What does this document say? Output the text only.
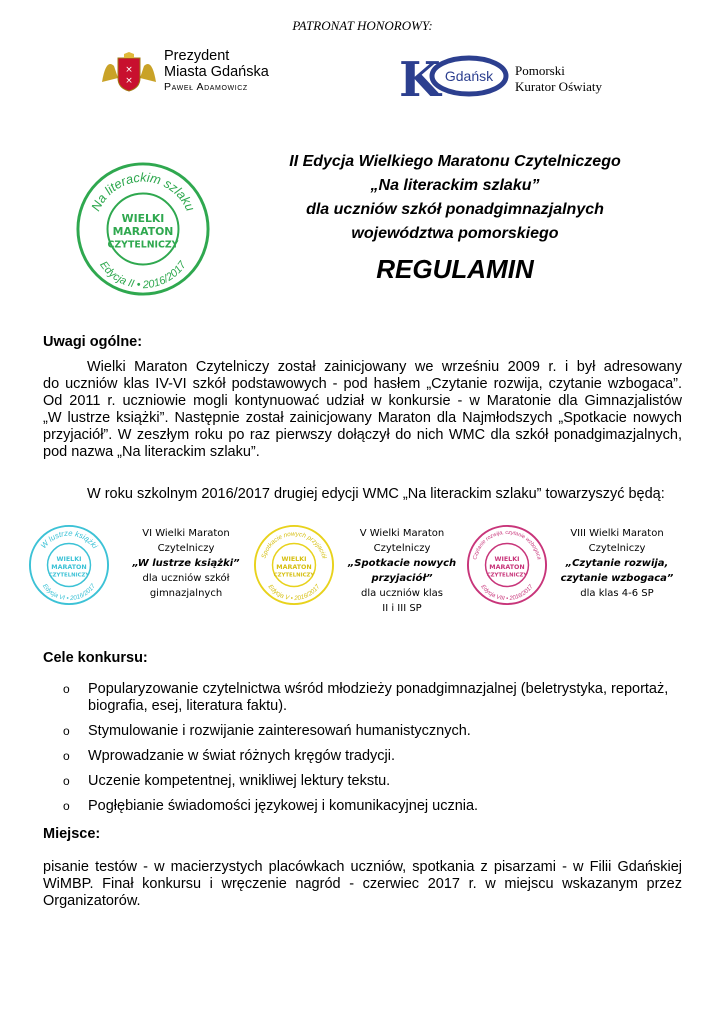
PATRONAT HONOROWY:
×
×
Prezydent
Miasta Gdańska
Paweł Adamowicz	K Gdańsk Pomorski
Kurator Oświaty
Na literackim szlaku
Edycja II • 2016/2017
WIELKI
MARATON
CZYTELNICZY
II Edycja Wielkiego Maratonu Czytelniczego
„Na literackim szlaku”
dla uczniów szkół ponadgimnazjalnych
województwa pomorskiego
REGULAMIN
Uwagi ogólne:
Wielki Maraton Czytelniczy został zainicjowany we wrześniu 2009 r. i był adresowany
do uczniów klas IV-VI szkół podstawowych - pod hasłem „Czytanie rozwija, czytanie wzbogaca”.
Od 2011 r. uczniowie mogli kontynuować udział w konkursie - w Maratonie dla Gimnazjalistów
„W lustrze książki”. Następnie został zainicjowany Maraton dla Najmłodszych „Spotkacie nowych
przyjaciół”. W zeszłym roku po raz pierwszy dołączył do nich WMC dla szkół ponadgimazjalnych,
pod nazwa „Na literackim szlaku”.
W roku szkolnym 2016/2017 drugiej edycji WMC „Na literackim szlaku” towarzyszyć będą:
W lustrze książki
Edycja VI • 2016/2017
WIELKI
MARATON
CZYTELNICZY
VI Wielki Maraton
Czytelniczy
„W lustrze książki”
dla uczniów szkół
gimnazjalnych
Spotkacie nowych przyjaciół
Edycja V • 2016/2017
WIELKI
MARATON
CZYTELNICZY
V Wielki Maraton
Czytelniczy
„Spotkacie nowych
przyjaciół”
dla uczniów klas
II i III SP
Czytanie rozwija, czytanie wzbogaca
Edycja VIII • 2016/2017
WIELKI
MARATON
CZYTELNICZY
VIII Wielki Maraton
Czytelniczy
„Czytanie rozwija,
czytanie wzbogaca”
dla klas 4-6 SP
Cele konkursu:
o Popularyzowanie czytelnictwa wśród młodzieży ponadgimnazjalnej (beletrystyka, reportaż, biografia, esej, literatura faktu).
o Stymulowanie i rozwijanie zainteresowań humanistycznych.
o Wprowadzanie w świat różnych kręgów tradycji.
o Uczenie kompetentnej, wnikliwej lektury tekstu.
o Pogłębianie świadomości językowej i komunikacyjnej ucznia.
Miejsce:
pisanie testów - w macierzystych placówkach uczniów, spotkania z pisarzami - w Filii Gdańskiej
WiMBP. Finał konkursu i wręczenie nagród - czerwiec 2017 r. w miejscu wskazanym przez
Organizatorów.
